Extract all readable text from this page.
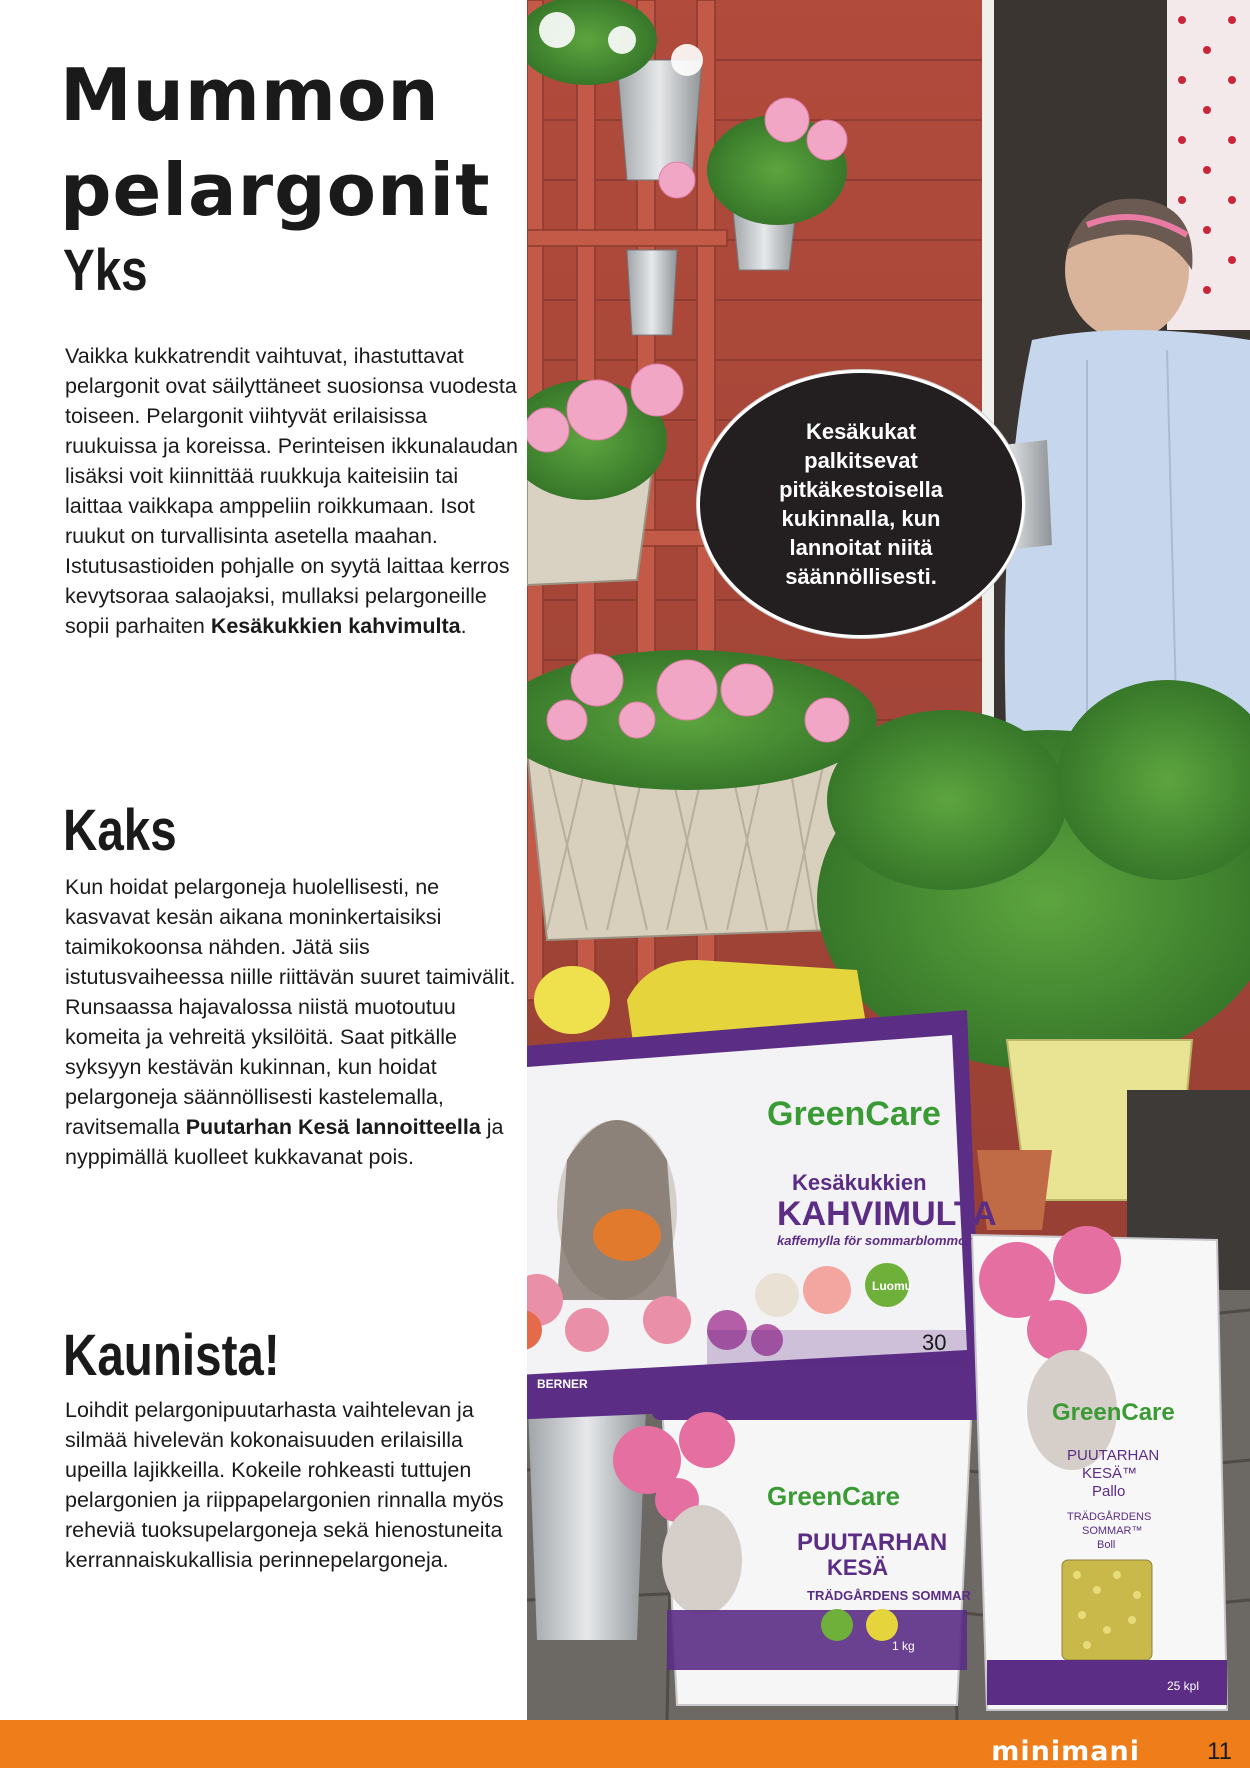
Mummon
pelargonit
Yks

Vaikka kukkatrendit vaihtuvat, ihastuttavat pelargonit ovat säilyttäneet suosionsa vuodesta toiseen. Pelargonit viihtyvät erilaisissa ruukuissa ja koreissa. Perinteisen ikkunalaudan lisäksi voit kiinnittää ruukkuja kaiteisiin tai laittaa vaikkapa amppeliin roikkumaan. Isot ruukut on turvallisinta asetella maahan. Istutusastioiden pohjalle on syytä laittaa kerros kevytsoraa salaojaksi, mullaksi pelargoneille sopii parhaiten Kesäkukkien kahvimulta.

Kaks

Kun hoidat pelargoneja huolellisesti, ne kasvavat kesän aikana moninkertaisiksi taimikokoonsa nähden. Jätä siis istutusvaiheessa niille riittävän suuret taimivälit. Runsaassa hajavalossa niistä muotoutuu komeita ja vehreitä yksilöitä. Saat pitkälle syksyyn kestävän kukinnan, kun hoidat pelargoneja säännöllisesti kastelemalla, ravitsemalla Puutarhan Kesä lannoitteella ja nyppimällä kuolleet kukkavanat pois.

Kaunista!

Loihdit pelargonipuutarhasta vaihtelevan ja silmää hivelevän kokonaisuuden erilaisilla upeilla lajikkeilla. Kokeile rohkeasti tuttujen pelargonien ja riippapelargonien rinnalla myös reheviä tuoksupelargoneja sekä hienostuneita kerrannaiskukallisia perinnepelargoneja.

GreenCare
GreenCare
GreenCare
Kesäkukkien
KAHVIMULTA
kaffemylla för sommarblommor
PUUTARHAN
KESÄ
TRÄDGÅRDENS SOMMAR
PUUTARHAN
KESÄ™
Pallo
TRÄDGÅRDENS
SOMMAR™
Boll
Luomu
30
BERNER
1 kg
25 kpl
Kesäkukat palkitsevat pitkäkestoisella kukinnalla, kun lannoitat niitä säännöllisesti.
minimani	11
